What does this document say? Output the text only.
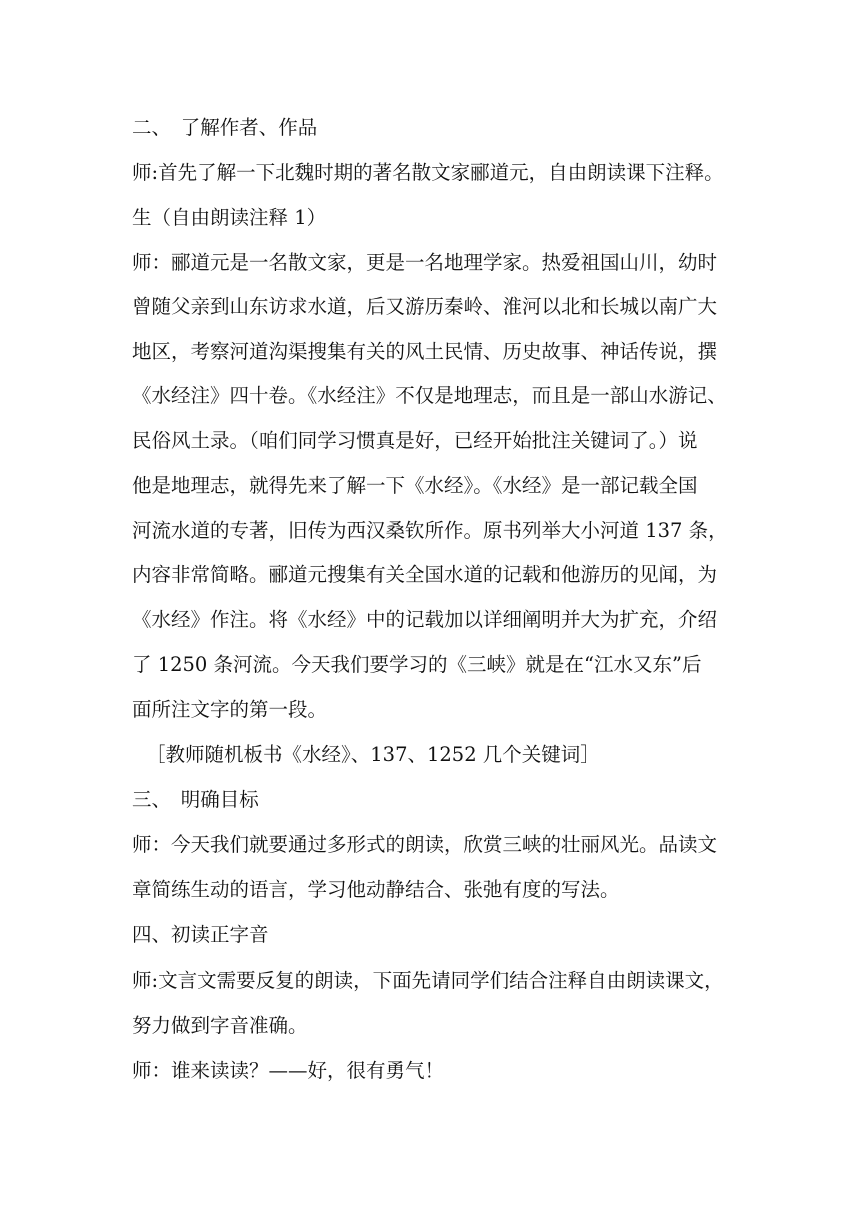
二、　了解作者、作品
师:首先了解一下北魏时期的著名散文家郦道元，自由朗读课下注释。
生（自由朗读注释 1）
师：郦道元是一名散文家，更是一名地理学家。热爱祖国山川，幼时
曾随父亲到山东访求水道，后又游历秦岭、淮河以北和长城以南广大
地区，考察河道沟渠搜集有关的风土民情、历史故事、神话传说，撰
《水经注》四十卷。《水经注》不仅是地理志，而且是一部山水游记、
民俗风土录。（咱们同学习惯真是好，已经开始批注关键词了。）说
他是地理志，就得先来了解一下《水经》。《水经》是一部记载全国
河流水道的专著，旧传为西汉桑钦所作。原书列举大小河道 137 条，
内容非常简略。郦道元搜集有关全国水道的记载和他游历的见闻，为
《水经》作注。将《水经》中的记载加以详细阐明并大为扩充，介绍
了 1250 条河流。今天我们要学习的《三峡》就是在“江水又东”后
面所注文字的第一段。
［教师随机板书《水经》、137、1252 几个关键词］
三、　明确目标
师：今天我们就要通过多形式的朗读，欣赏三峡的壮丽风光。品读文
章简练生动的语言，学习他动静结合、张弛有度的写法。
四、初读正字音
师:文言文需要反复的朗读，下面先请同学们结合注释自由朗读课文，
努力做到字音准确。
师：谁来读读？——好，很有勇气！
